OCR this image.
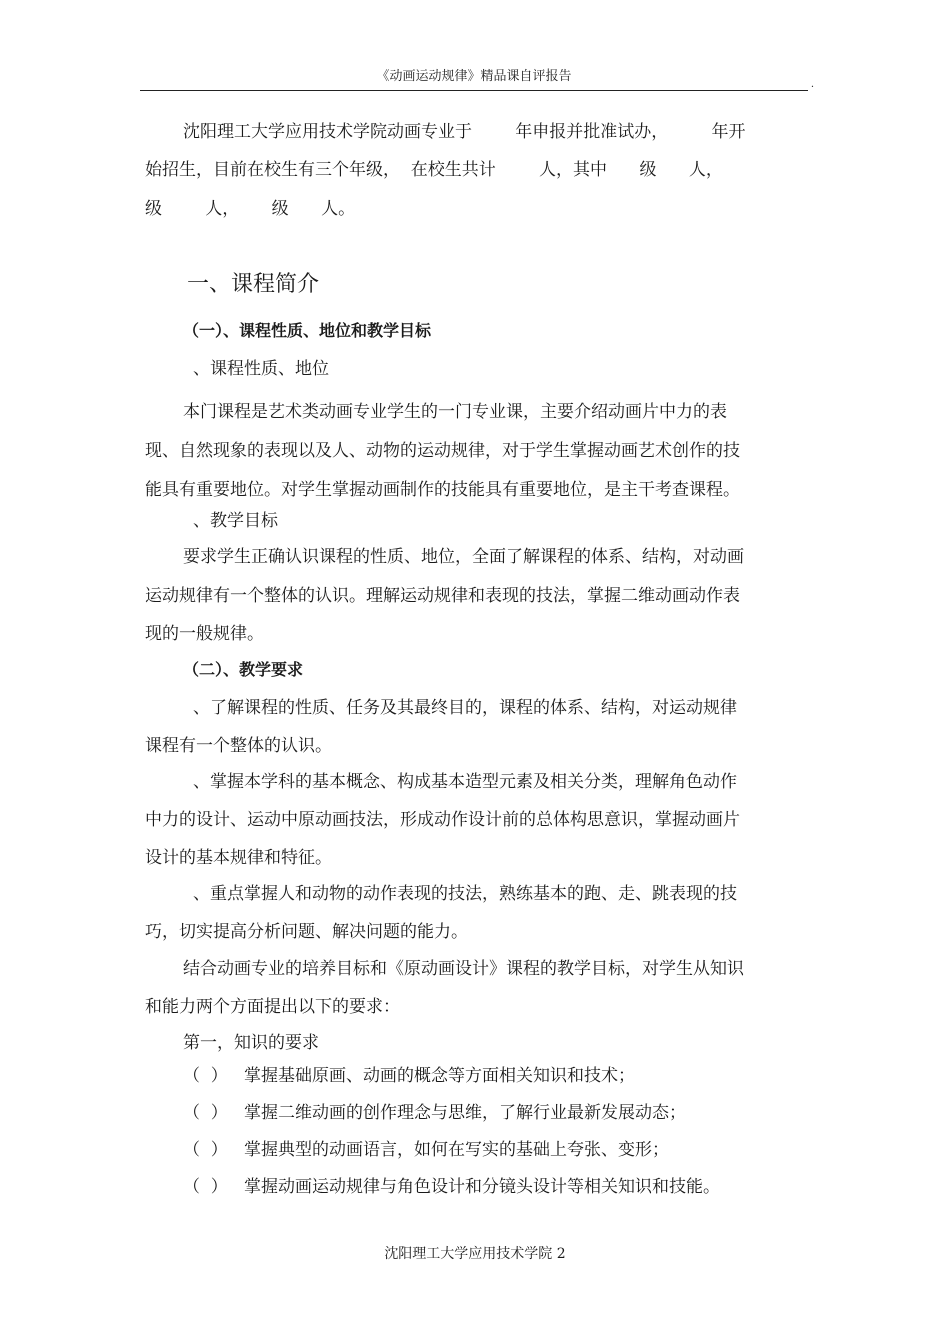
《动画运动规律》精品课自评报告
.
沈阳理工大学应用技术学院动画专业于        年申报并批准试办，        年开
始招生，目前在校生有三个年级，  在校生共计        人，其中      级      人，
级        人，      级      人。
一、课程简介
（一）、课程性质、地位和教学目标
、课程性质、地位
本门课程是艺术类动画专业学生的一门专业课，主要介绍动画片中力的表
现、自然现象的表现以及人、动物的运动规律，对于学生掌握动画艺术创作的技
能具有重要地位。对学生掌握动画制作的技能具有重要地位，是主干考查课程。
、教学目标
要求学生正确认识课程的性质、地位，全面了解课程的体系、结构，对动画
运动规律有一个整体的认识。理解运动规律和表现的技法，掌握二维动画动作表
现的一般规律。
（二）、教学要求
、了解课程的性质、任务及其最终目的，课程的体系、结构，对运动规律
课程有一个整体的认识。
、掌握本学科的基本概念、构成基本造型元素及相关分类，理解角色动作
中力的设计、运动中原动画技法，形成动作设计前的总体构思意识，掌握动画片
设计的基本规律和特征。
、重点掌握人和动物的动作表现的技法，熟练基本的跑、走、跳表现的技
巧，切实提高分析问题、解决问题的能力。
结合动画专业的培养目标和《原动画设计》课程的教学目标，对学生从知识
和能力两个方面提出以下的要求：
第一，知识的要求
（  ）   掌握基础原画、动画的概念等方面相关知识和技术；
（  ）   掌握二维动画的创作理念与思维，了解行业最新发展动态；
（  ）   掌握典型的动画语言，如何在写实的基础上夸张、变形；
（  ）   掌握动画运动规律与角色设计和分镜头设计等相关知识和技能。
沈阳理工大学应用技术学院 2
